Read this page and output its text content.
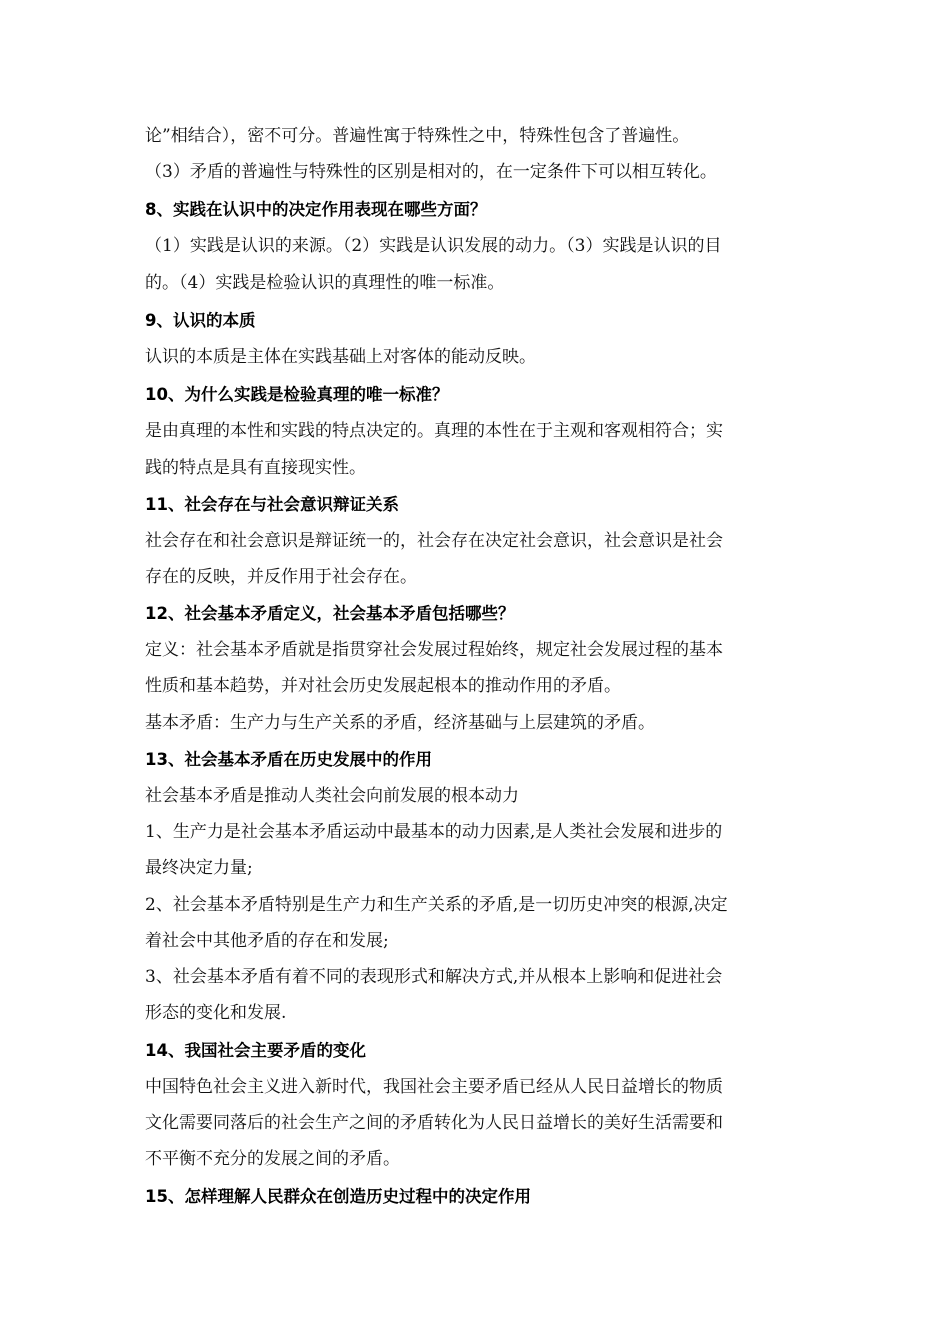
论”相结合），密不可分。普遍性寓于特殊性之中，特殊性包含了普遍性。
（3）矛盾的普遍性与特殊性的区别是相对的，在一定条件下可以相互转化。
8、实践在认识中的决定作用表现在哪些方面？
（1）实践是认识的来源。（2）实践是认识发展的动力。（3）实践是认识的目
的。（4）实践是检验认识的真理性的唯一标准。
9、认识的本质
认识的本质是主体在实践基础上对客体的能动反映。
10、为什么实践是检验真理的唯一标准？
是由真理的本性和实践的特点决定的。真理的本性在于主观和客观相符合；实
践的特点是具有直接现实性。
11、社会存在与社会意识辩证关系
社会存在和社会意识是辩证统一的，社会存在决定社会意识，社会意识是社会
存在的反映，并反作用于社会存在。
12、社会基本矛盾定义，社会基本矛盾包括哪些？
定义：社会基本矛盾就是指贯穿社会发展过程始终，规定社会发展过程的基本
性质和基本趋势，并对社会历史发展起根本的推动作用的矛盾。
基本矛盾：生产力与生产关系的矛盾，经济基础与上层建筑的矛盾。
13、社会基本矛盾在历史发展中的作用
社会基本矛盾是推动人类社会向前发展的根本动力
1、生产力是社会基本矛盾运动中最基本的动力因素,是人类社会发展和进步的
最终决定力量;
2、社会基本矛盾特别是生产力和生产关系的矛盾,是一切历史冲突的根源,决定
着社会中其他矛盾的存在和发展;
3、社会基本矛盾有着不同的表现形式和解决方式,并从根本上影响和促进社会
形态的变化和发展.
14、我国社会主要矛盾的变化
中国特色社会主义进入新时代，我国社会主要矛盾已经从人民日益增长的物质
文化需要同落后的社会生产之间的矛盾转化为人民日益增长的美好生活需要和
不平衡不充分的发展之间的矛盾。
15、怎样理解人民群众在创造历史过程中的决定作用
